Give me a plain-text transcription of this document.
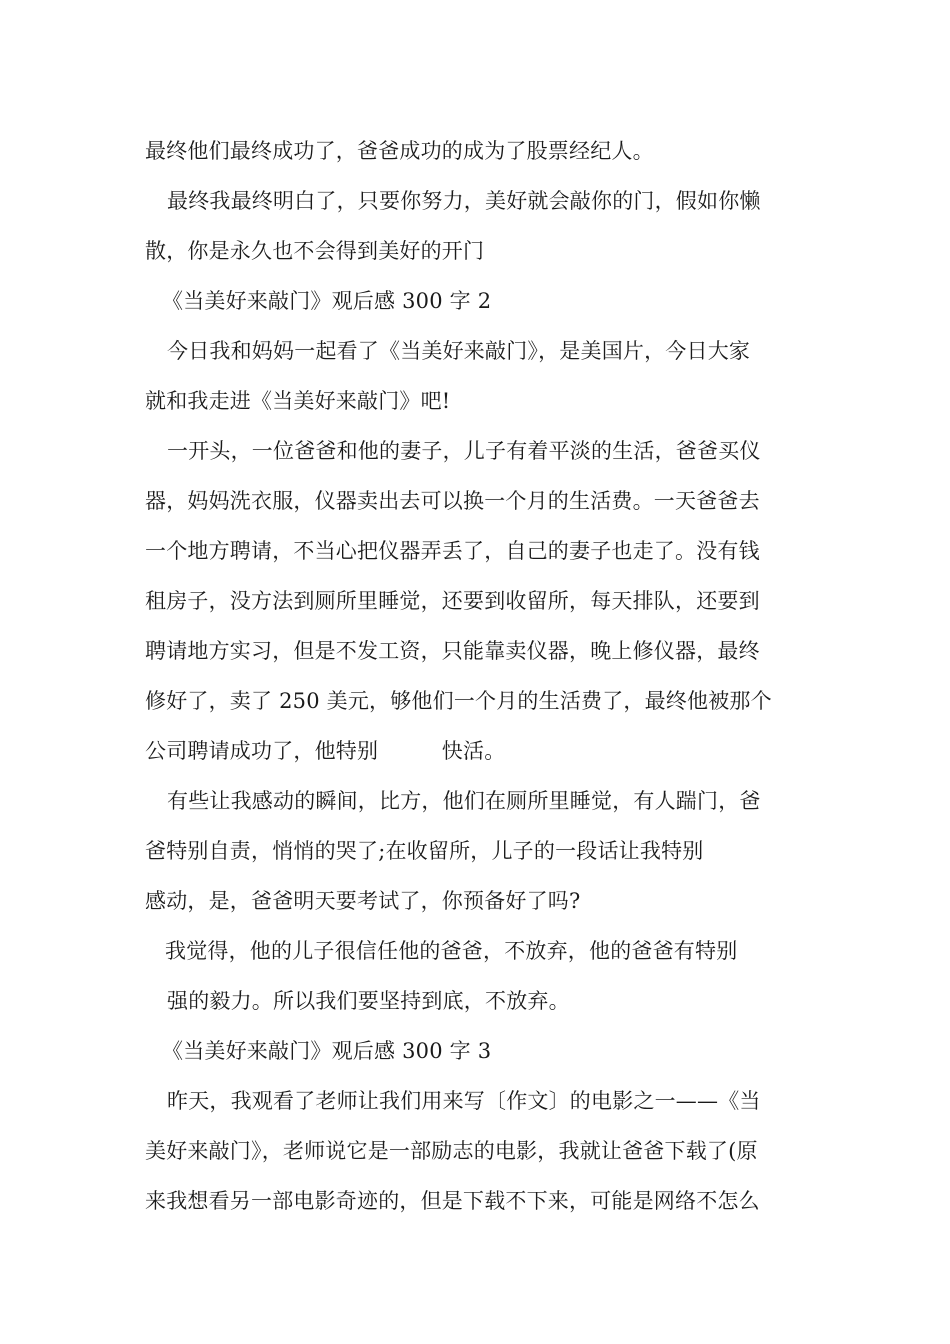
最终他们最终成功了，爸爸成功的成为了股票经纪人。
最终我最终明白了，只要你努力，美好就会敲你的门，假如你懒
散，你是永久也不会得到美好的开门
《当美好来敲门》观后感 300 字 2
今日我和妈妈一起看了《当美好来敲门》，是美国片，今日大家
就和我走进《当美好来敲门》吧!
一开头，一位爸爸和他的妻子，儿子有着平淡的生活，爸爸买仪
器，妈妈洗衣服，仪器卖出去可以换一个月的生活费。一天爸爸去
一个地方聘请，不当心把仪器弄丢了，自己的妻子也走了。没有钱
租房子，没方法到厕所里睡觉，还要到收留所，每天排队，还要到
聘请地方实习，但是不发工资，只能靠卖仪器，晚上修仪器，最终
修好了，卖了 250 美元，够他们一个月的生活费了，最终他被那个
公司聘请成功了，他特别　　　快活。
有些让我感动的瞬间，比方，他们在厕所里睡觉，有人踹门，爸
爸特别自责，悄悄的哭了;在收留所，儿子的一段话让我特别
感动，是，爸爸明天要考试了，你预备好了吗?
我觉得，他的儿子很信任他的爸爸，不放弃，他的爸爸有特别
强的毅力。所以我们要坚持到底，不放弃。
《当美好来敲门》观后感 300 字 3
昨天，我观看了老师让我们用来写〔作文〕的电影之一——《当
美好来敲门》，老师说它是一部励志的电影，我就让爸爸下载了(原
来我想看另一部电影奇迹的，但是下载不下来，可能是网络不怎么
